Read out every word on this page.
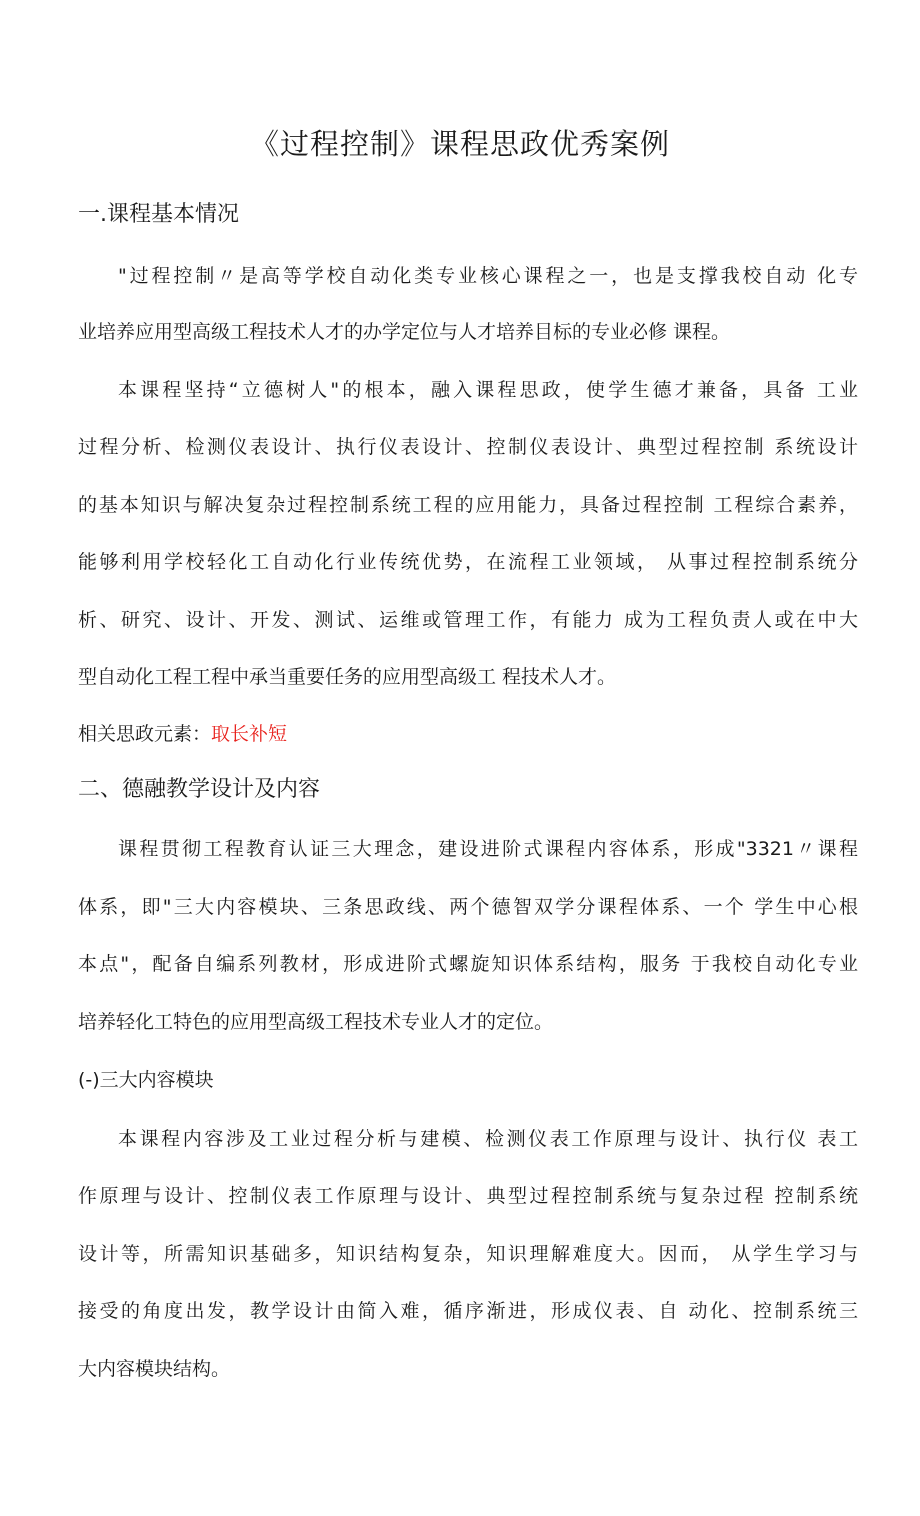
《过程控制》课程思政优秀案例
一.课程基本情况
"过程控制〃是高等学校自动化类专业核心课程之一，也是支撑我校自动 化专
业培养应用型高级工程技术人才的办学定位与人才培养目标的专业必修 课程。
本课程坚持“立德树人"的根本，融入课程思政，使学生德才兼备，具备 工业
过程分析、检测仪表设计、执行仪表设计、控制仪表设计、典型过程控制 系统设计
的基本知识与解决复杂过程控制系统工程的应用能力，具备过程控制 工程综合素养，
能够利用学校轻化工自动化行业传统优势，在流程工业领域， 从事过程控制系统分
析、研究、设计、开发、测试、运维或管理工作，有能力 成为工程负责人或在中大
型自动化工程工程中承当重要任务的应用型高级工 程技术人才。
相关思政元素：取长补短
二、德融教学设计及内容
课程贯彻工程教育认证三大理念，建设进阶式课程内容体系，形成"3321〃课程
体系，即"三大内容模块、三条思政线、两个德智双学分课程体系、一个 学生中心根
本点"，配备自编系列教材，形成进阶式螺旋知识体系结构，服务 于我校自动化专业
培养轻化工特色的应用型高级工程技术专业人才的定位。
(-)三大内容模块
本课程内容涉及工业过程分析与建模、检测仪表工作原理与设计、执行仪 表工
作原理与设计、控制仪表工作原理与设计、典型过程控制系统与复杂过程 控制系统
设计等，所需知识基础多，知识结构复杂，知识理解难度大。因而， 从学生学习与
接受的角度出发，教学设计由简入难，循序渐进，形成仪表、自 动化、控制系统三
大内容模块结构。
